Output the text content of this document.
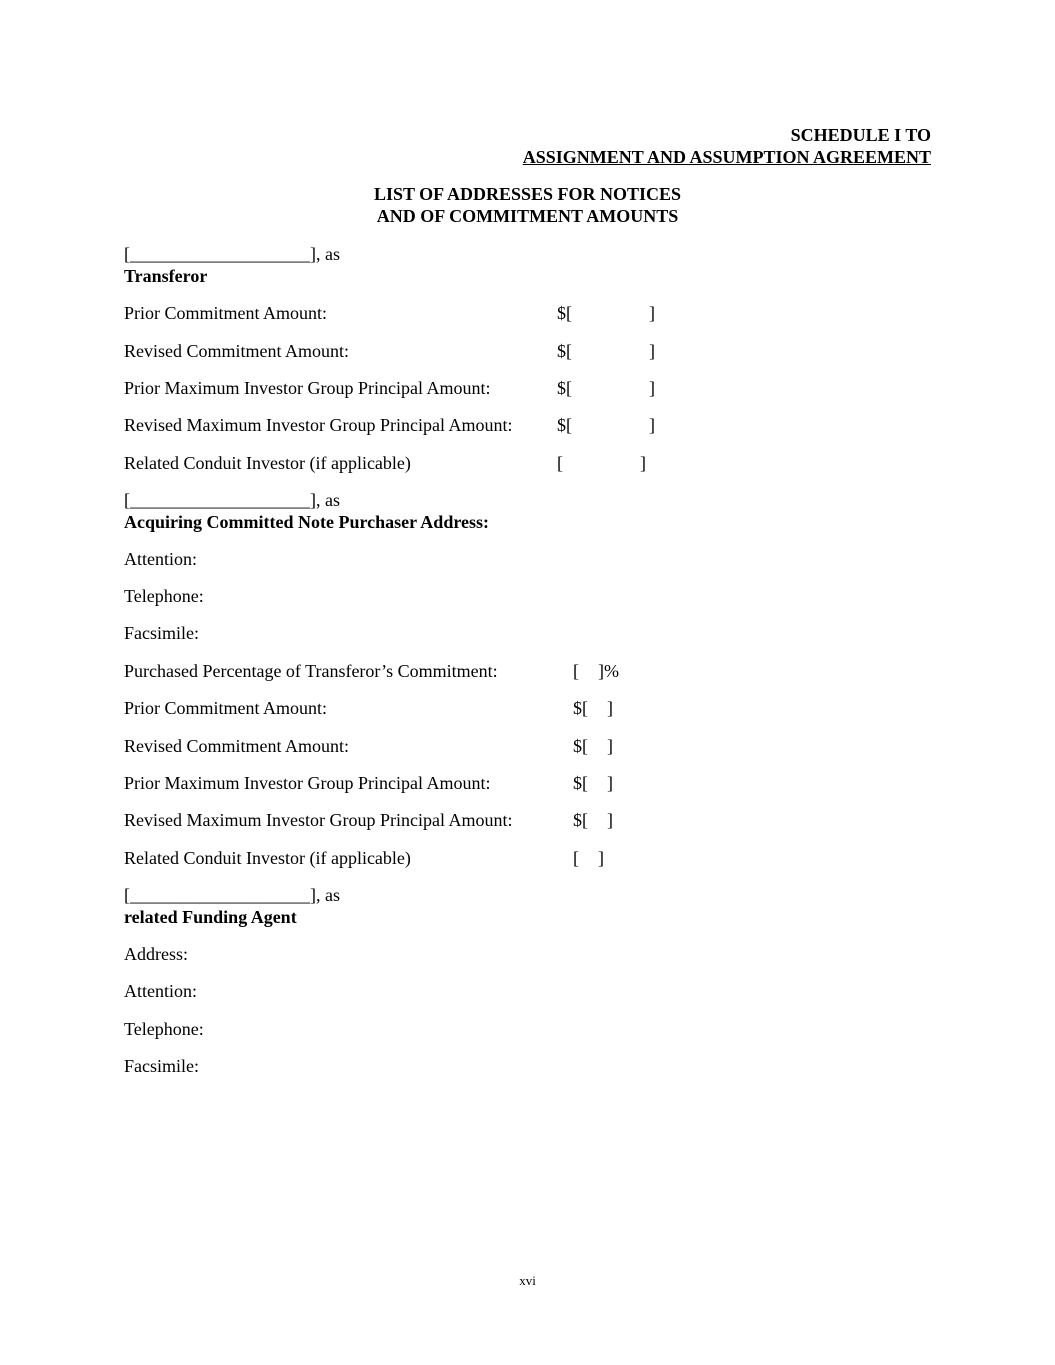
SCHEDULE I TO
ASSIGNMENT AND ASSUMPTION AGREEMENT
LIST OF ADDRESSES FOR NOTICES
AND OF COMMITMENT AMOUNTS
[____________________], as
Transferor
Prior Commitment Amount:	$[	]
Revised Commitment Amount:	$[	]
Prior Maximum Investor Group Principal Amount:	$[	]
Revised Maximum Investor Group Principal Amount: $[	]
Related Conduit Investor (if applicable)	[	]
[____________________], as
Acquiring Committed Note Purchaser Address:
Attention:
Telephone:
Facsimile:
Purchased Percentage of Transferor’s Commitment:	[ ]%
Prior Commitment Amount:	$[ ]
Revised Commitment Amount:	$[ ]
Prior Maximum Investor Group Principal Amount:	$[ ]
Revised Maximum Investor Group Principal Amount:	$[ ]
Related Conduit Investor (if applicable)	[ ]
[____________________], as
related Funding Agent
Address:
Attention:
Telephone:
Facsimile:
xvi
